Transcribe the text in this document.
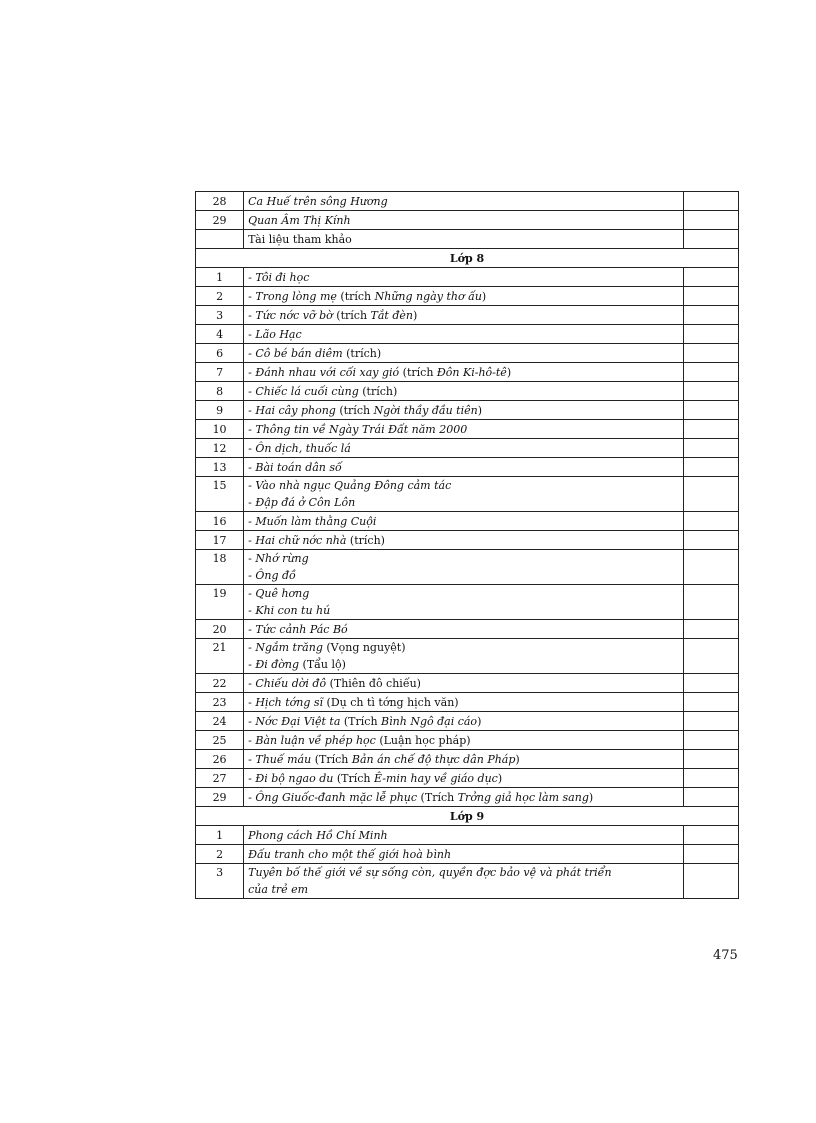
28	Ca Huế trên sông Hương	

29	Quan Âm Thị Kính	

	Tài liệu tham khảo	

Lớp 8		
1	- Tôi đi học	

2	- Trong lòng mẹ (trích Những ngày thơ ấu)	

3	- Tức nớc vỡ bờ (trích Tắt đèn)	

4	- Lão Hạc	

6	- Cô bé bán diêm (trích)	

7	- Đánh nhau với cối xay gió (trích Đôn Ki-hô-tê)	

8	- Chiếc lá cuối cùng (trích)	

9	- Hai cây phong (trích Ngời thầy đầu tiên)	

10	- Thông tin về Ngày Trái Đất năm 2000	

12	- Ôn dịch, thuốc lá	

13	- Bài toán dân số	

15	- Vào nhà ngục Quảng Đông cảm tác
- Đập đá ở Côn Lôn	

16	- Muốn làm thằng Cuội	

17	- Hai chữ nớc nhà (trích)	

18	- Nhớ rừng
- Ông đồ	

19	- Quê hơng
- Khi con tu hú	

20	- Tức cảnh Pác Bó	

21	- Ngắm trăng (Vọng nguyệt)
- Đi đờng (Tẩu lộ)	

22	- Chiếu dời đô (Thiên đô chiếu)	

23	- Hịch tớng sĩ (Dụ ch tì tớng hịch văn)	

24	- Nớc Đại Việt ta (Trích Bình Ngô đại cáo)	

25	- Bàn luận về phép học (Luận học pháp)	

26	- Thuế máu (Trích Bản án chế độ thực dân Pháp)	

27	- Đi bộ ngao du (Trích Ê-min hay về giáo dục)	

29	- Ông Giuốc-đanh mặc lễ phục (Trích Trởng giả học làm sang)	

Lớp 9		
1	Phong cách Hồ Chí Minh	

2	Đấu tranh cho một thế giới hoà bình	

3	Tuyên bố thế giới về sự sống còn, quyền đợc bảo vệ và phát triển
của trẻ em	

475
